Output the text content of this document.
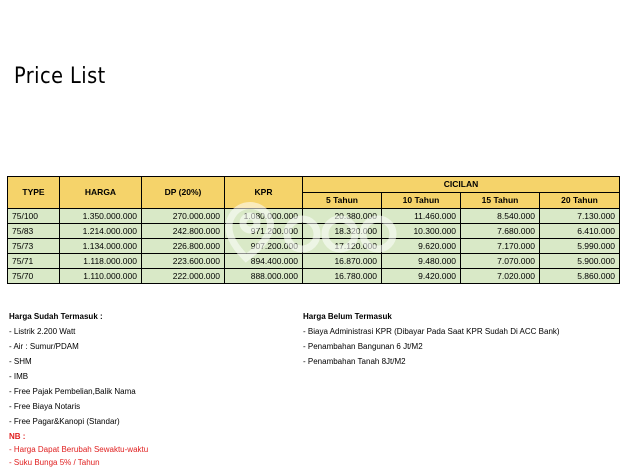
Price List
TYPE	HARGA	DP (20%)	KPR	CICILAN			
				5 Tahun	10 Tahun	15 Tahun	20 Tahun
75/100	1.350.000.000	270.000.000	1.080.000.000	20.380.000	11.460.000	8.540.000	7.130.000
75/83	1.214.000.000	242.800.000	971.200.000	18.320.000	10.300.000	7.680.000	6.410.000
75/73	1.134.000.000	226.800.000	907.200.000	17.120.000	9.620.000	7.170.000	5.990.000
75/71	1.118.000.000	223.600.000	894.400.000	16.870.000	9.480.000	7.070.000	5.900.000
75/70	1.110.000.000	222.000.000	888.000.000	16.780.000	9.420.000	7.020.000	5.860.000
Harga Sudah Termasuk :
- Listrik 2.200 Watt
- Air : Sumur/PDAM
- SHM
- IMB
- Free Pajak Pembelian,Balik Nama
- Free Biaya Notaris
- Free Pagar&Kanopi (Standar)
Harga Belum Termasuk
- Biaya Administrasi KPR (Dibayar Pada Saat KPR Sudah Di ACC Bank)
- Penambahan Bangunan 6 Jt/M2
- Penambahan Tanah 8Jt/M2
NB :
- Harga Dapat Berubah Sewaktu-waktu
- Suku Bunga 5% / Tahun
